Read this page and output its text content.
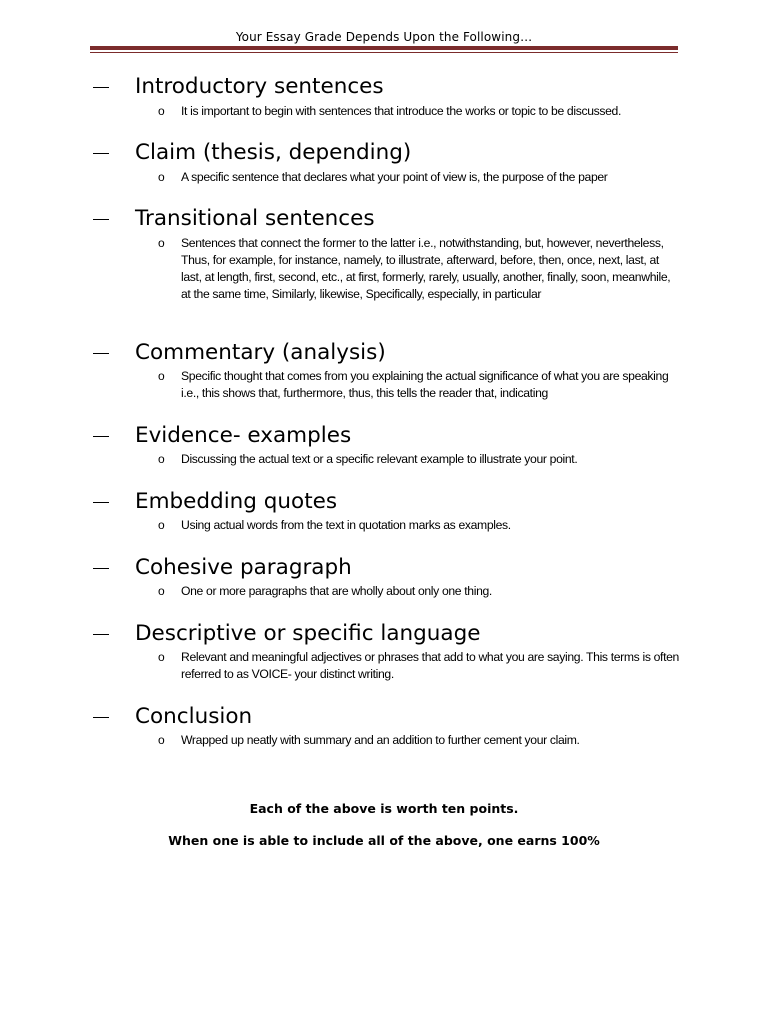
Your Essay Grade Depends Upon the Following…
Introductory sentences
o It is important to begin with sentences that introduce the works or topic to be discussed.
Claim (thesis, depending)
o A specific sentence that declares what your point of view is, the purpose of the paper
Transitional sentences
o Sentences that connect the former to the latter i.e., notwithstanding, but, however, nevertheless, Thus, for example, for instance, namely, to illustrate, afterward, before, then, once, next, last, at last, at length, first, second, etc., at first, formerly, rarely, usually, another, finally, soon, meanwhile, at the same time, Similarly, likewise, Specifically, especially, in particular
Commentary (analysis)
o Specific thought that comes from you explaining the actual significance of what you are speaking i.e., this shows that, furthermore, thus, this tells the reader that, indicating
Evidence- examples
o Discussing the actual text or a specific relevant example to illustrate your point.
Embedding quotes
o Using actual words from the text in quotation marks as examples.
Cohesive paragraph
o One or more paragraphs that are wholly about only one thing.
Descriptive or specific language
o Relevant and meaningful adjectives or phrases that add to what you are saying. This terms is often referred to as VOICE- your distinct writing.
Conclusion
o Wrapped up neatly with summary and an addition to further cement your claim.
Each of the above is worth ten points.
When one is able to include all of the above, one earns 100%
